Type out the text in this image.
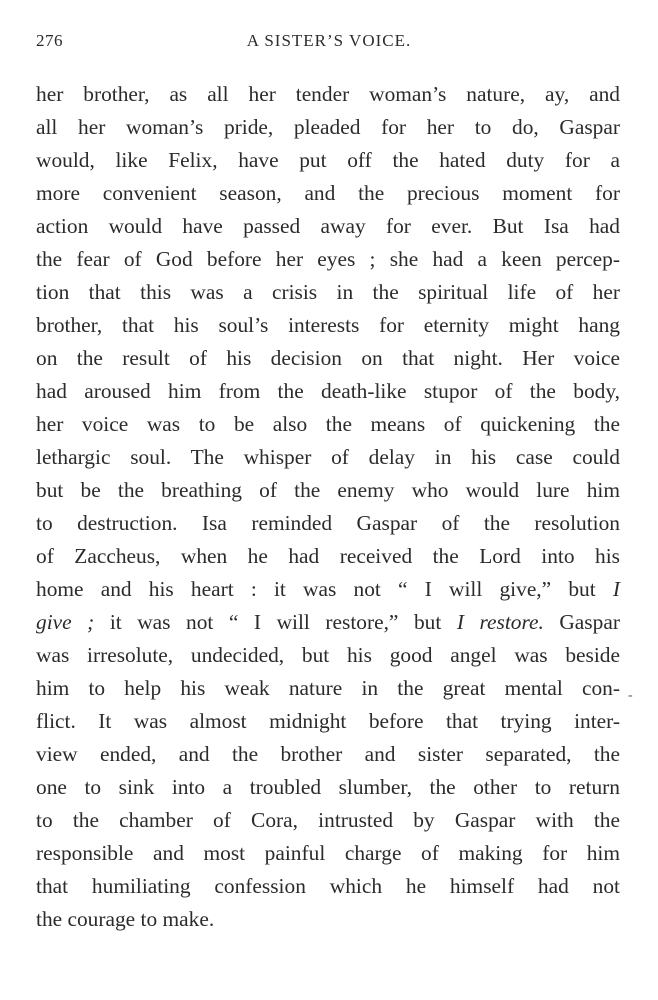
276	A SISTER’S VOICE.
her brother, as all her tender woman’s nature, ay, and
all her woman’s pride, pleaded for her to do, Gaspar
would, like Felix, have put off the hated duty for a
more convenient season, and the precious moment for
action would have passed away for ever. But Isa had
the fear of God before her eyes ; she had a keen percep-
tion that this was a crisis in the spiritual life of her
brother, that his soul’s interests for eternity might hang
on the result of his decision on that night. Her voice
had aroused him from the death-like stupor of the body,
her voice was to be also the means of quickening the
lethargic soul. The whisper of delay in his case could
but be the breathing of the enemy who would lure him
to destruction. Isa reminded Gaspar of the resolution
of Zaccheus, when he had received the Lord into his
home and his heart : it was not “ I will give,” but I
give ; it was not “ I will restore,” but I restore. Gaspar
was irresolute, undecided, but his good angel was beside
him to help his weak nature in the great mental con-
flict. It was almost midnight before that trying inter-
view ended, and the brother and sister separated, the
one to sink into a troubled slumber, the other to return
to the chamber of Cora, intrusted by Gaspar with the
responsible and most painful charge of making for him
that humiliating confession which he himself had not
the courage to make.
-
